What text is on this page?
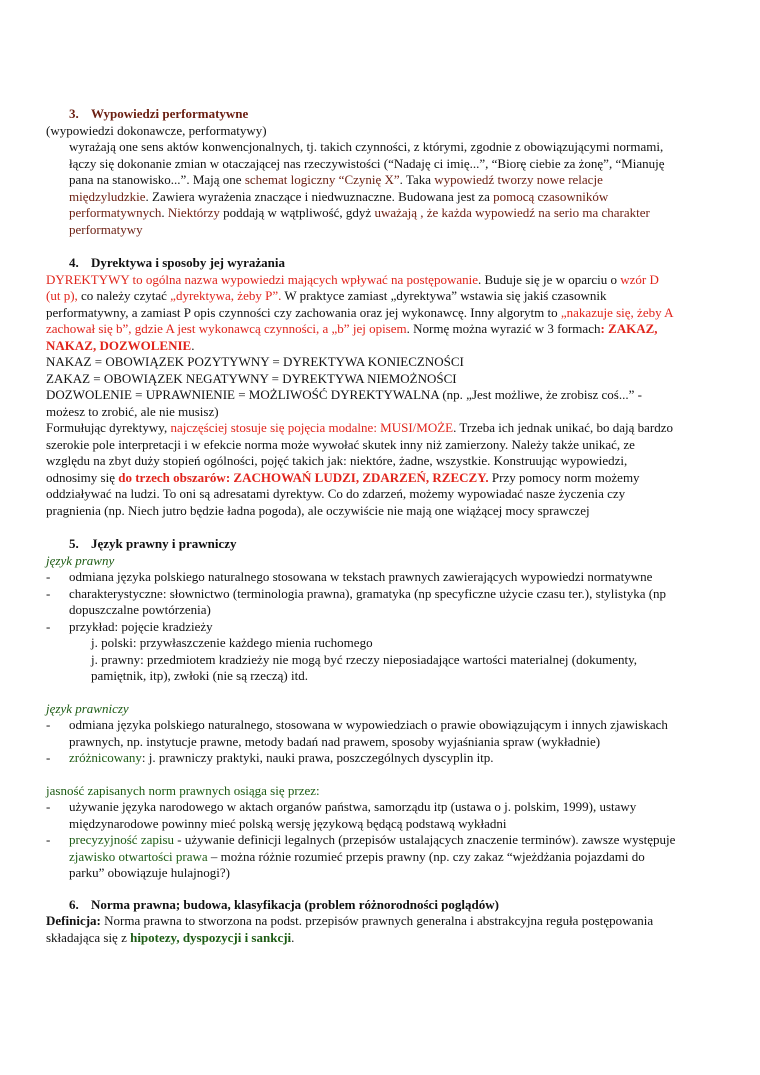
3. Wypowiedzi performatywne

(wypowiedzi dokonawcze, performatywy)

wyrażają one sens aktów konwencjonalnych, tj. takich czynności, z którymi, zgodnie z obowiązującymi normami, łączy się dokonanie zmian w otaczającej nas rzeczywistości (“Nadaję ci imię...”, “Biorę ciebie za żonę”, “Mianuję pana na stanowisko...”. Mają one schemat logiczny “Czynię X”. Taka wypowiedź tworzy nowe relacje międzyludzkie. Zawiera wyrażenia znaczące i niedwuznaczne. Budowana jest za pomocą czasowników performatywnych. Niektórzy poddają w wątpliwość, gdyż uważają , że każda wypowiedź na serio ma charakter performatywy

4. Dyrektywa i sposoby jej wyrażania

DYREKTYWY to ogólna nazwa wypowiedzi mających wpływać na postępowanie. Buduje się je w oparciu o wzór D (ut p), co należy czytać „dyrektywa, żeby P”. W praktyce zamiast „dyrektywa” wstawia się jakiś czasownik performatywny, a zamiast P opis czynności czy zachowania oraz jej wykonawcę. Inny algorytm to „nakazuje się, żeby A zachował się b”, gdzie A jest wykonawcą czynności, a „b” jej opisem. Normę można wyrazić w 3 formach: ZAKAZ, NAKAZ, DOZWOLENIE.

NAKAZ = OBOWIĄZEK POZYTYWNY = DYREKTYWA KONIECZNOŚCI

ZAKAZ = OBOWIĄZEK NEGATYWNY = DYREKTYWA NIEMOŻNOŚCI

DOZWOLENIE = UPRAWNIENIE = MOŻLIWOŚĆ DYREKTYWALNA (np. „Jest możliwe, że zrobisz coś...” - możesz to zrobić, ale nie musisz)

Formułując dyrektywy, najczęściej stosuje się pojęcia modalne: MUSI/MOŻE. Trzeba ich jednak unikać, bo dają bardzo szerokie pole interpretacji i w efekcie norma może wywołać skutek inny niż zamierzony. Należy także unikać, ze względu na zbyt duży stopień ogólności, pojęć takich jak: niektóre, żadne, wszystkie. Konstruując wypowiedzi, odnosimy się do trzech obszarów: ZACHOWAŃ LUDZI, ZDARZEŃ, RZECZY. Przy pomocy norm możemy oddziaływać na ludzi. To oni są adresatami dyrektyw. Co do zdarzeń, możemy wypowiadać nasze życzenia czy pragnienia (np. Niech jutro będzie ładna pogoda), ale oczywiście nie mają one wiążącej mocy sprawczej

5. Język prawny i prawniczy

język prawny

- odmiana języka polskiego naturalnego stosowana w tekstach prawnych zawierających wypowiedzi normatywne
- charakterystyczne: słownictwo (terminologia prawna), gramatyka (np specyficzne użycie czasu ter.), stylistyka (np dopuszczalne powtórzenia)
- przykład: pojęcie kradzieży

j. polski: przywłaszczenie każdego mienia ruchomego

j. prawny: przedmiotem kradzieży nie mogą być rzeczy nieposiadające wartości materialnej (dokumenty, pamiętnik, itp), zwłoki (nie są rzeczą) itd.

język prawniczy

- odmiana języka polskiego naturalnego, stosowana w wypowiedziach o prawie obowiązującym i innych zjawiskach prawnych, np. instytucje prawne, metody badań nad prawem, sposoby wyjaśniania spraw (wykładnie)
- zróżnicowany: j. prawniczy praktyki, nauki prawa, poszczególnych dyscyplin itp.

jasność zapisanych norm prawnych osiąga się przez:

- używanie języka narodowego w aktach organów państwa, samorządu itp (ustawa o j. polskim, 1999), ustawy międzynarodowe powinny mieć polską wersję językową będącą podstawą wykładni
- precyzyjność zapisu - używanie definicji legalnych (przepisów ustalających znaczenie terminów). zawsze występuje zjawisko otwartości prawa – można różnie rozumieć przepis prawny (np. czy zakaz “wjeżdżania pojazdami do parku” obowiązuje hulajnogi?)

6. Norma prawna; budowa, klasyfikacja (problem różnorodności poglądów)

Definicja: Norma prawna to stworzona na podst. przepisów prawnych generalna i abstrakcyjna reguła postępowania składająca się z hipotezy, dyspozycji i sankcji.
